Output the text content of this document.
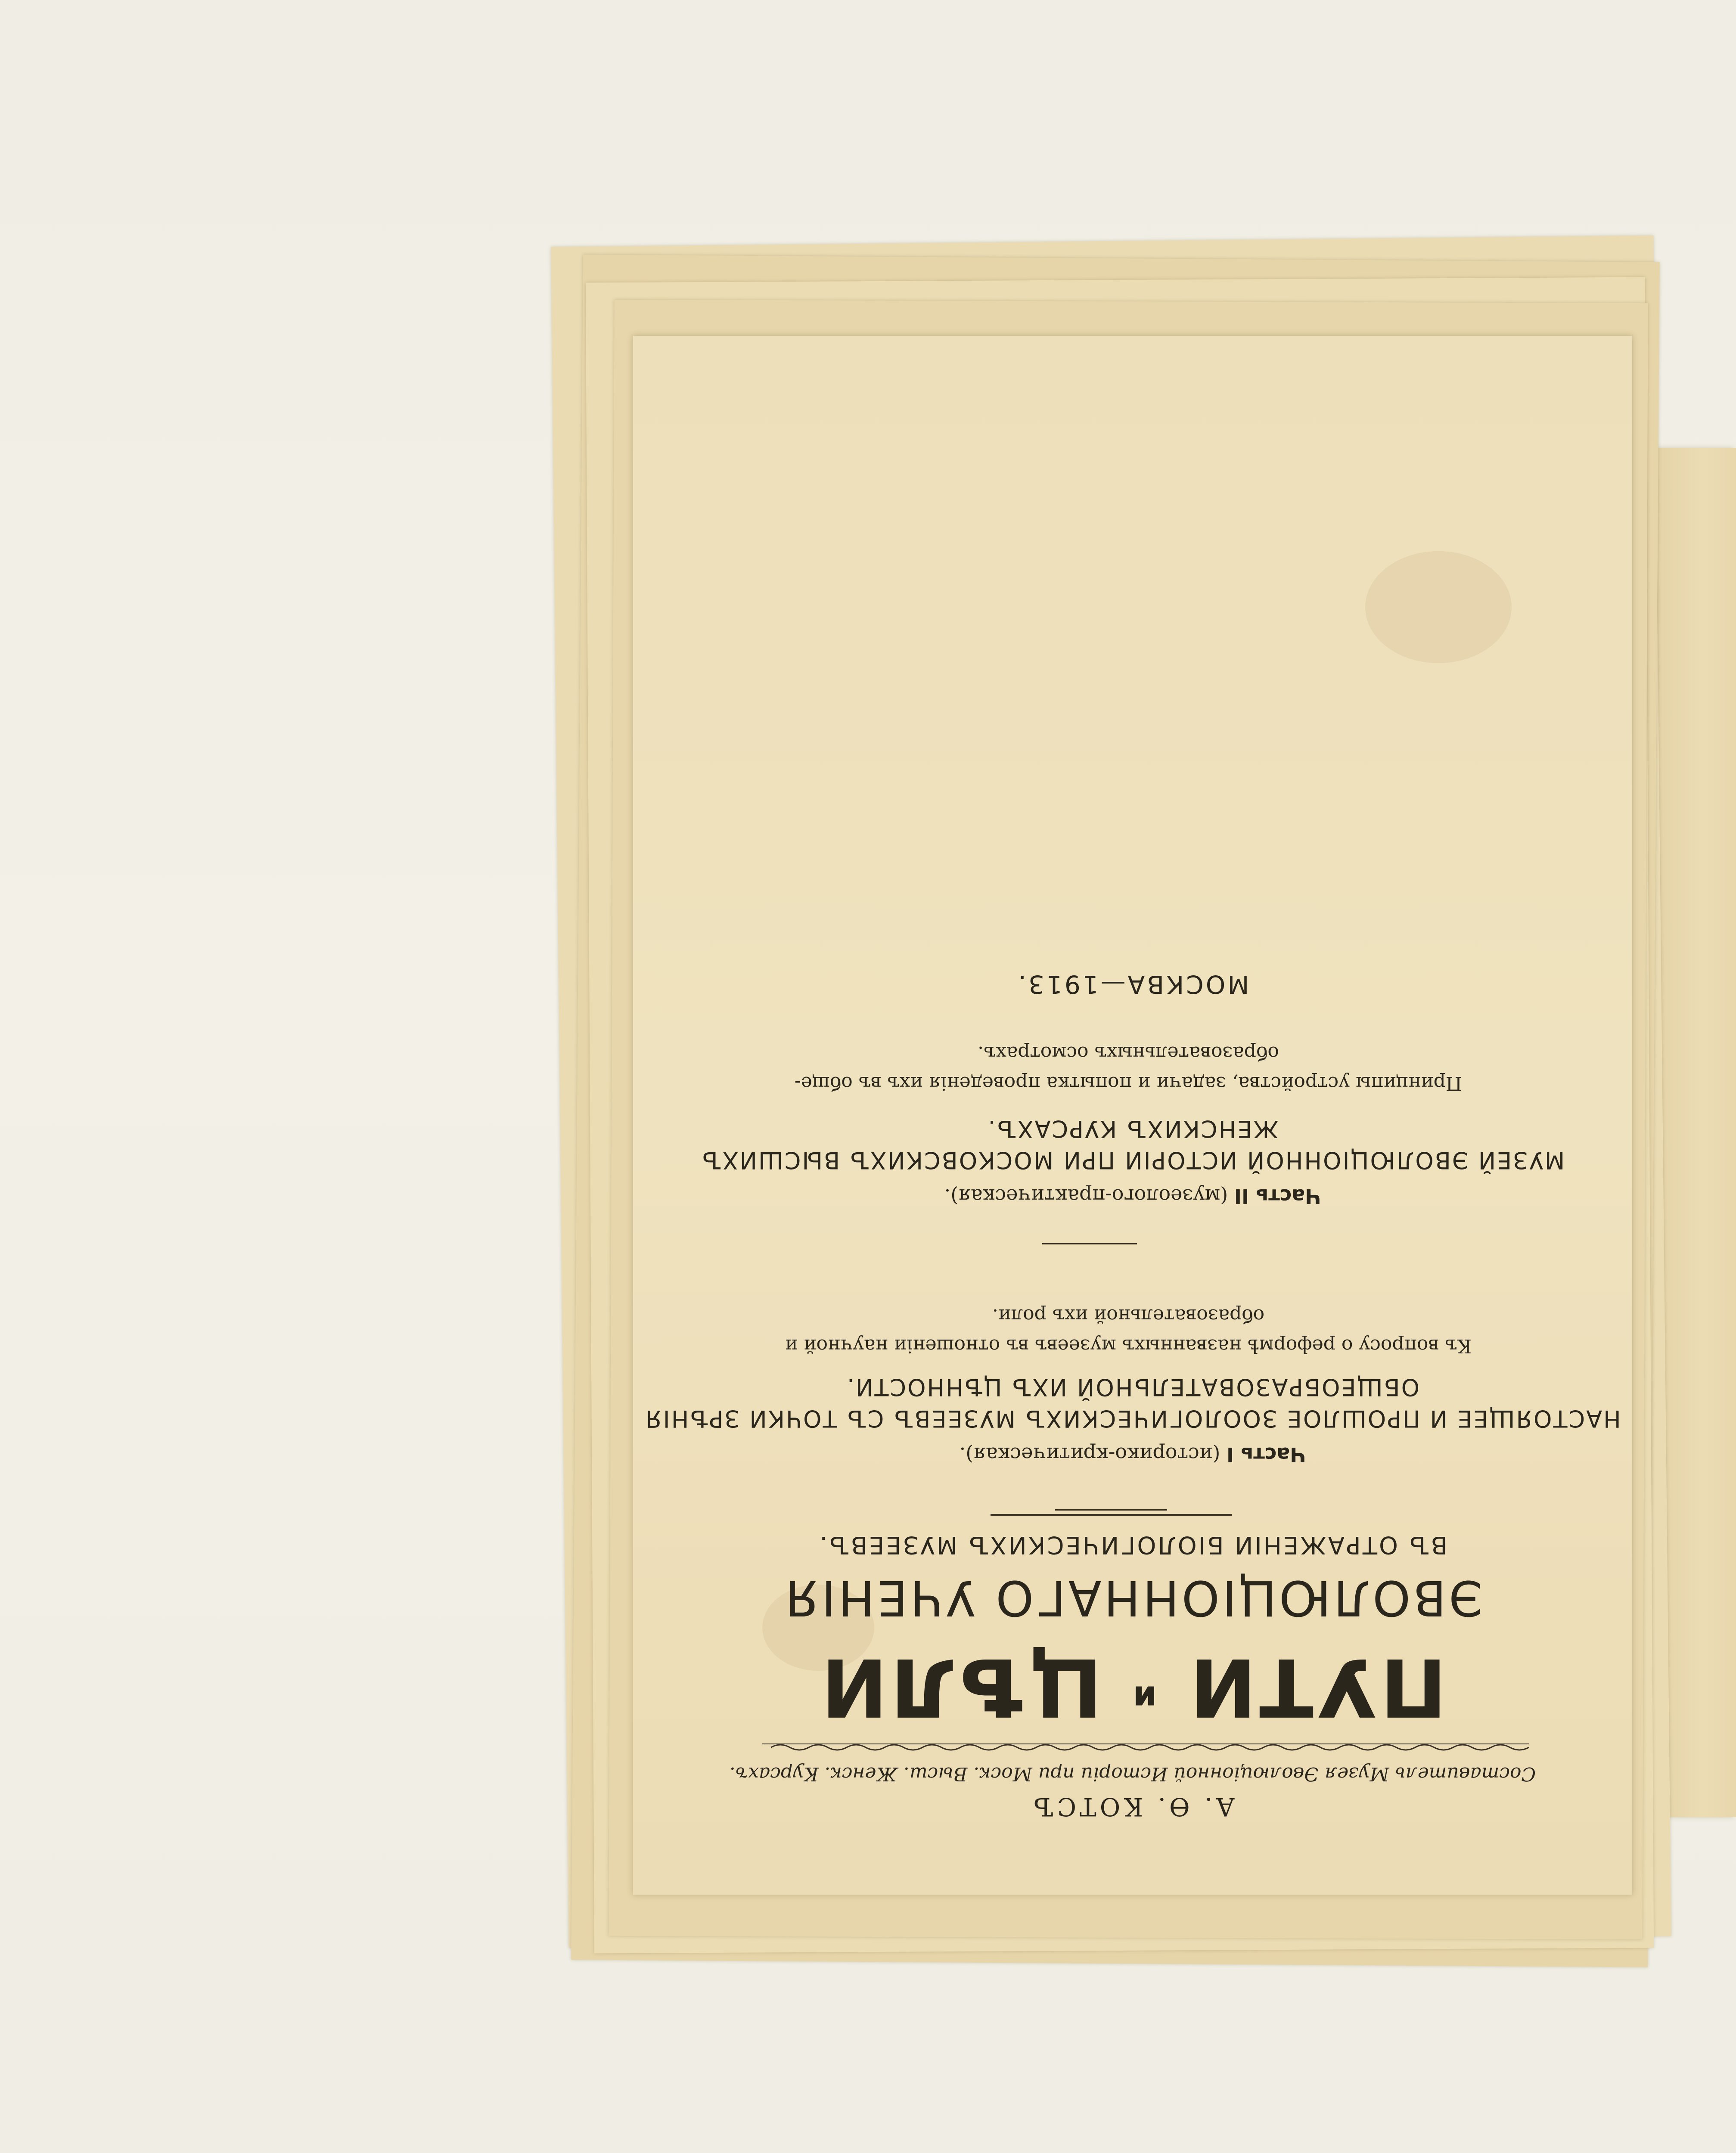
А. Ө. КОТСЪ
Составитель Музея Эволюціонной Исторіи при Моск. Высш. Женск. Курсахъ.
ПУТИ $^и$ ЦѢЛИ
ЭВОЛЮЦІОННАГО УЧЕНІЯ
ВЪ ОТРАЖЕНІИ БІОЛОГИЧЕСКИХЪ МУЗЕЕВЪ.
Часть I (историко-критическая).
НАСТОЯЩЕЕ И ПРОШЛОЕ ЗООЛОГИЧЕСКИХЪ МУЗЕЕВЪ СЪ ТОЧКИ ЗРѢНІЯ ОБЩЕОБРАЗОВАТЕЛЬНОЙ ИХЪ ЦѢННОСТИ.
Къ вопросу о реформѣ названныхъ музеевъ въ отношеніи научной и образовательной ихъ роли.
Часть II (музеолого-практическая).
МУЗЕЙ ЭВОЛЮЦІОННОЙ ИСТОРІИ ПРИ МОСКОВСКИХЪ ВЫСШИХЪ ЖЕНСКИХЪ КУРСАХЪ.
Принципы устройства, задачи и попытка проведенія ихъ въ обще-образовательныхъ осмотрахъ.
МОСКВА—1913.
